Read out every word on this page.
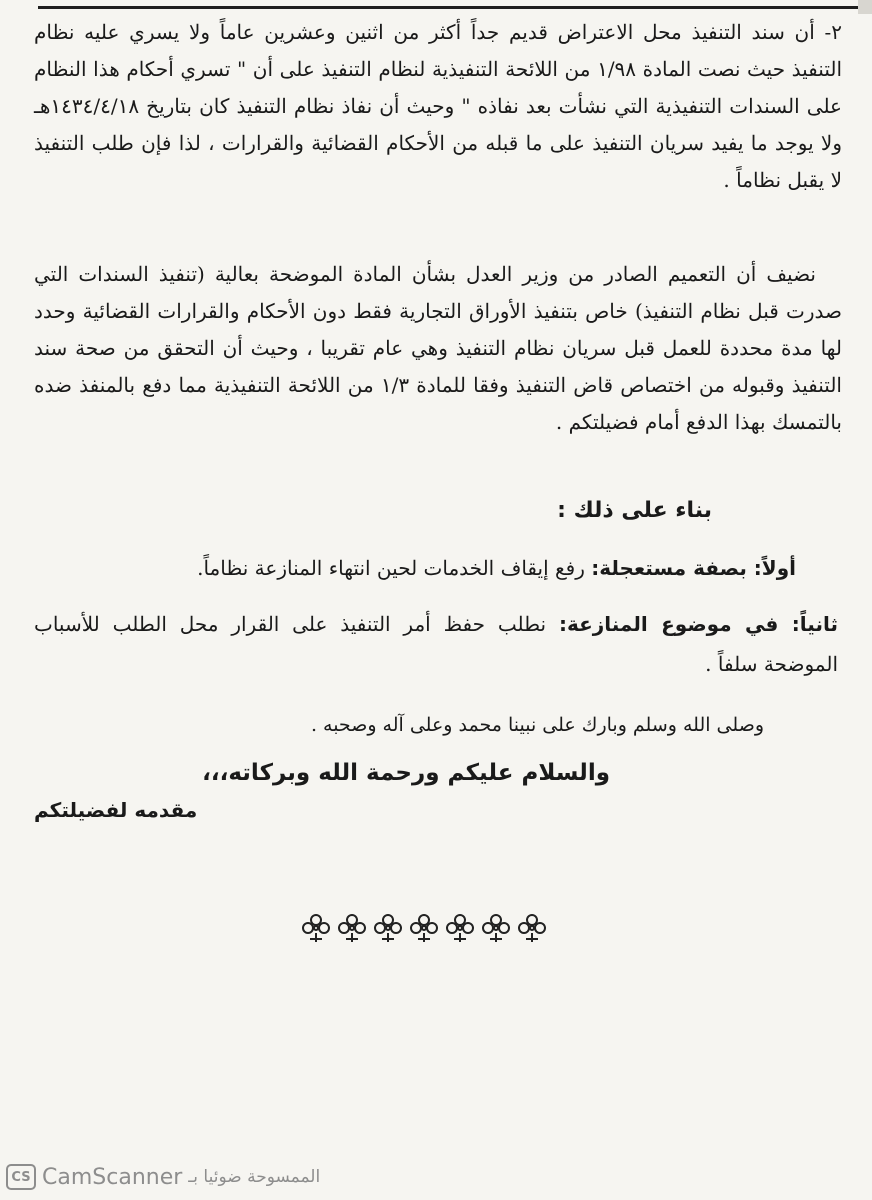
٢- أن سند التنفيذ محل الاعتراض قديم جداً أكثر من اثنين وعشرين عاماً ولا يسري عليه نظام التنفيذ حيث نصت المادة ١/٩٨ من اللائحة التنفيذية لنظام التنفيذ على أن " تسري أحكام هذا النظام على السندات التنفيذية التي نشأت بعد نفاذه " وحيث أن نفاذ نظام التنفيذ كان بتاريخ ١٤٣٤/٤/١٨هـ ولا يوجد ما يفيد سريان التنفيذ على ما قبله من الأحكام القضائية والقرارات ، لذا فإن طلب التنفيذ لا يقبل نظاماً .
نضيف أن التعميم الصادر من وزير العدل بشأن المادة الموضحة بعالية (تنفيذ السندات التي صدرت قبل نظام التنفيذ) خاص بتنفيذ الأوراق التجارية فقط دون الأحكام والقرارات القضائية وحدد لها مدة محددة للعمل قبل سريان نظام التنفيذ وهي عام تقريبا ، وحيث أن التحقق من صحة سند التنفيذ وقبوله من اختصاص قاض التنفيذ وفقا للمادة ١/٣ من اللائحة التنفيذية مما دفع بالمنفذ ضده بالتمسك بهذا الدفع أمام فضيلتكم .
بناء على ذلك :
أولاً: بصفة مستعجلة: رفع إيقاف الخدمات لحين انتهاء المنازعة نظاماً.
ثانياً: في موضوع المنازعة: نطلب حفظ أمر التنفيذ على القرار محل الطلب للأسباب الموضحة سلفاً .
وصلى الله وسلم وبارك على نبينا محمد وعلى آله وصحبه .
والسلام عليكم ورحمة الله وبركاته،،،
مقدمه لفضيلتكم
CS CamScanner الممسوحة ضوئيا بـ
